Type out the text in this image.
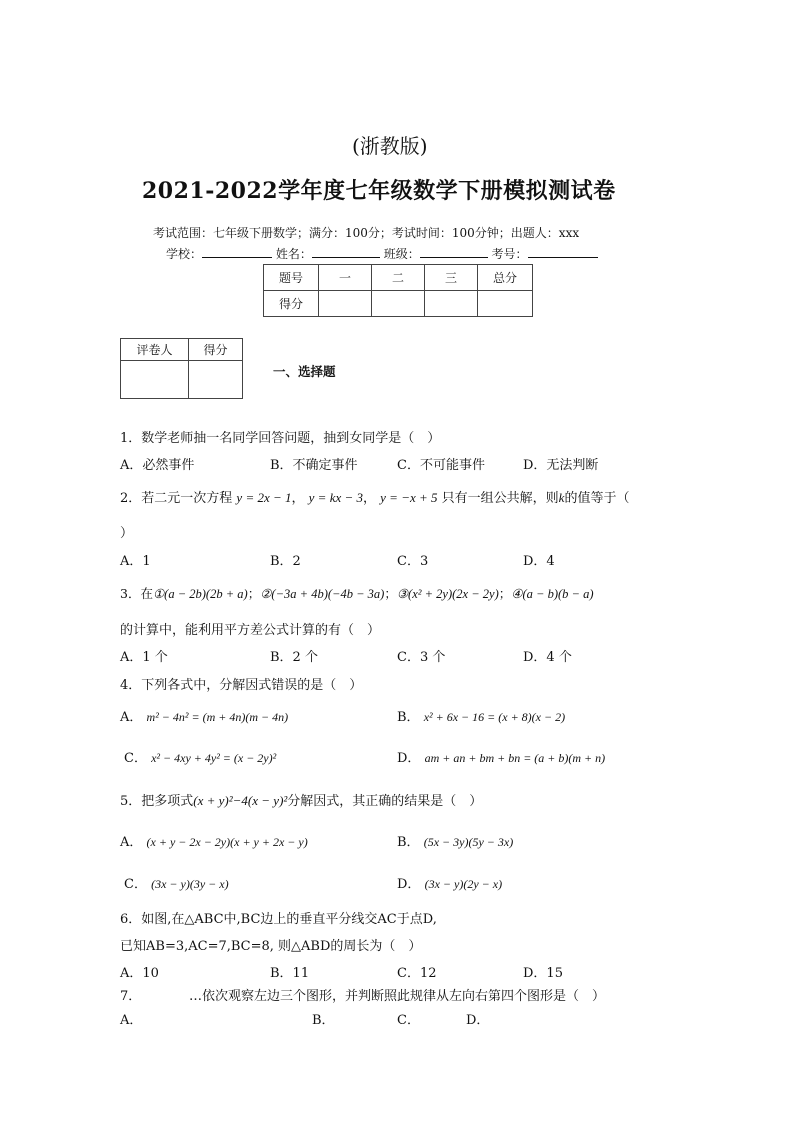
(浙教版)
2021-2022学年度七年级数学下册模拟测试卷
考试范围：七年级下册数学；满分：100分；考试时间：100分钟；出题人：xxx
学校：	姓名：	班级：	考号：
题号	一	二	三	总分
得分				
评卷人	得分

一、选择题
1．数学老师抽一名同学回答问题，抽到女同学是（　）
A．必然事件	B．不确定事件	C．不可能事件	D．无法判断
2．若二元一次方程 y = 2x − 1， y = kx − 3， y = −x + 5 只有一组公共解，则k的值等于（
）
A．1	B．2	C．3	D．4
3．在①(a − 2b)(2b + a)；②(−3a + 4b)(−4b − 3a)；③(x² + 2y)(2x − 2y)；④(a − b)(b − a)
的计算中，能利用平方差公式计算的有（　）
A．1 个	B．2 个	C．3 个	D．4 个
4．下列各式中，分解因式错误的是（　）
A． m² − 4n² = (m + 4n)(m − 4n)	B． x² + 6x − 16 = (x + 8)(x − 2)
C． x² − 4xy + 4y² = (x − 2y)²	D． am + an + bm + bn = (a + b)(m + n)
5．把多项式(x + y)²−4(x − y)²分解因式，其正确的结果是（　）
A． (x + y − 2x − 2y)(x + y + 2x − y)	B． (5x − 3y)(5y − 3x)
C． (3x − y)(3y − x)	D． (3x − y)(2y − x)
6．如图,在△ABC中,BC边上的垂直平分线交AC于点D,
已知AB=3,AC=7,BC=8, 则△ABD的周长为（　）
A．10	B．11	C．12	D．15
7．	…依次观察左边三个图形，并判断照此规律从左向右第四个图形是（　）
A．	B．	C．	D．
